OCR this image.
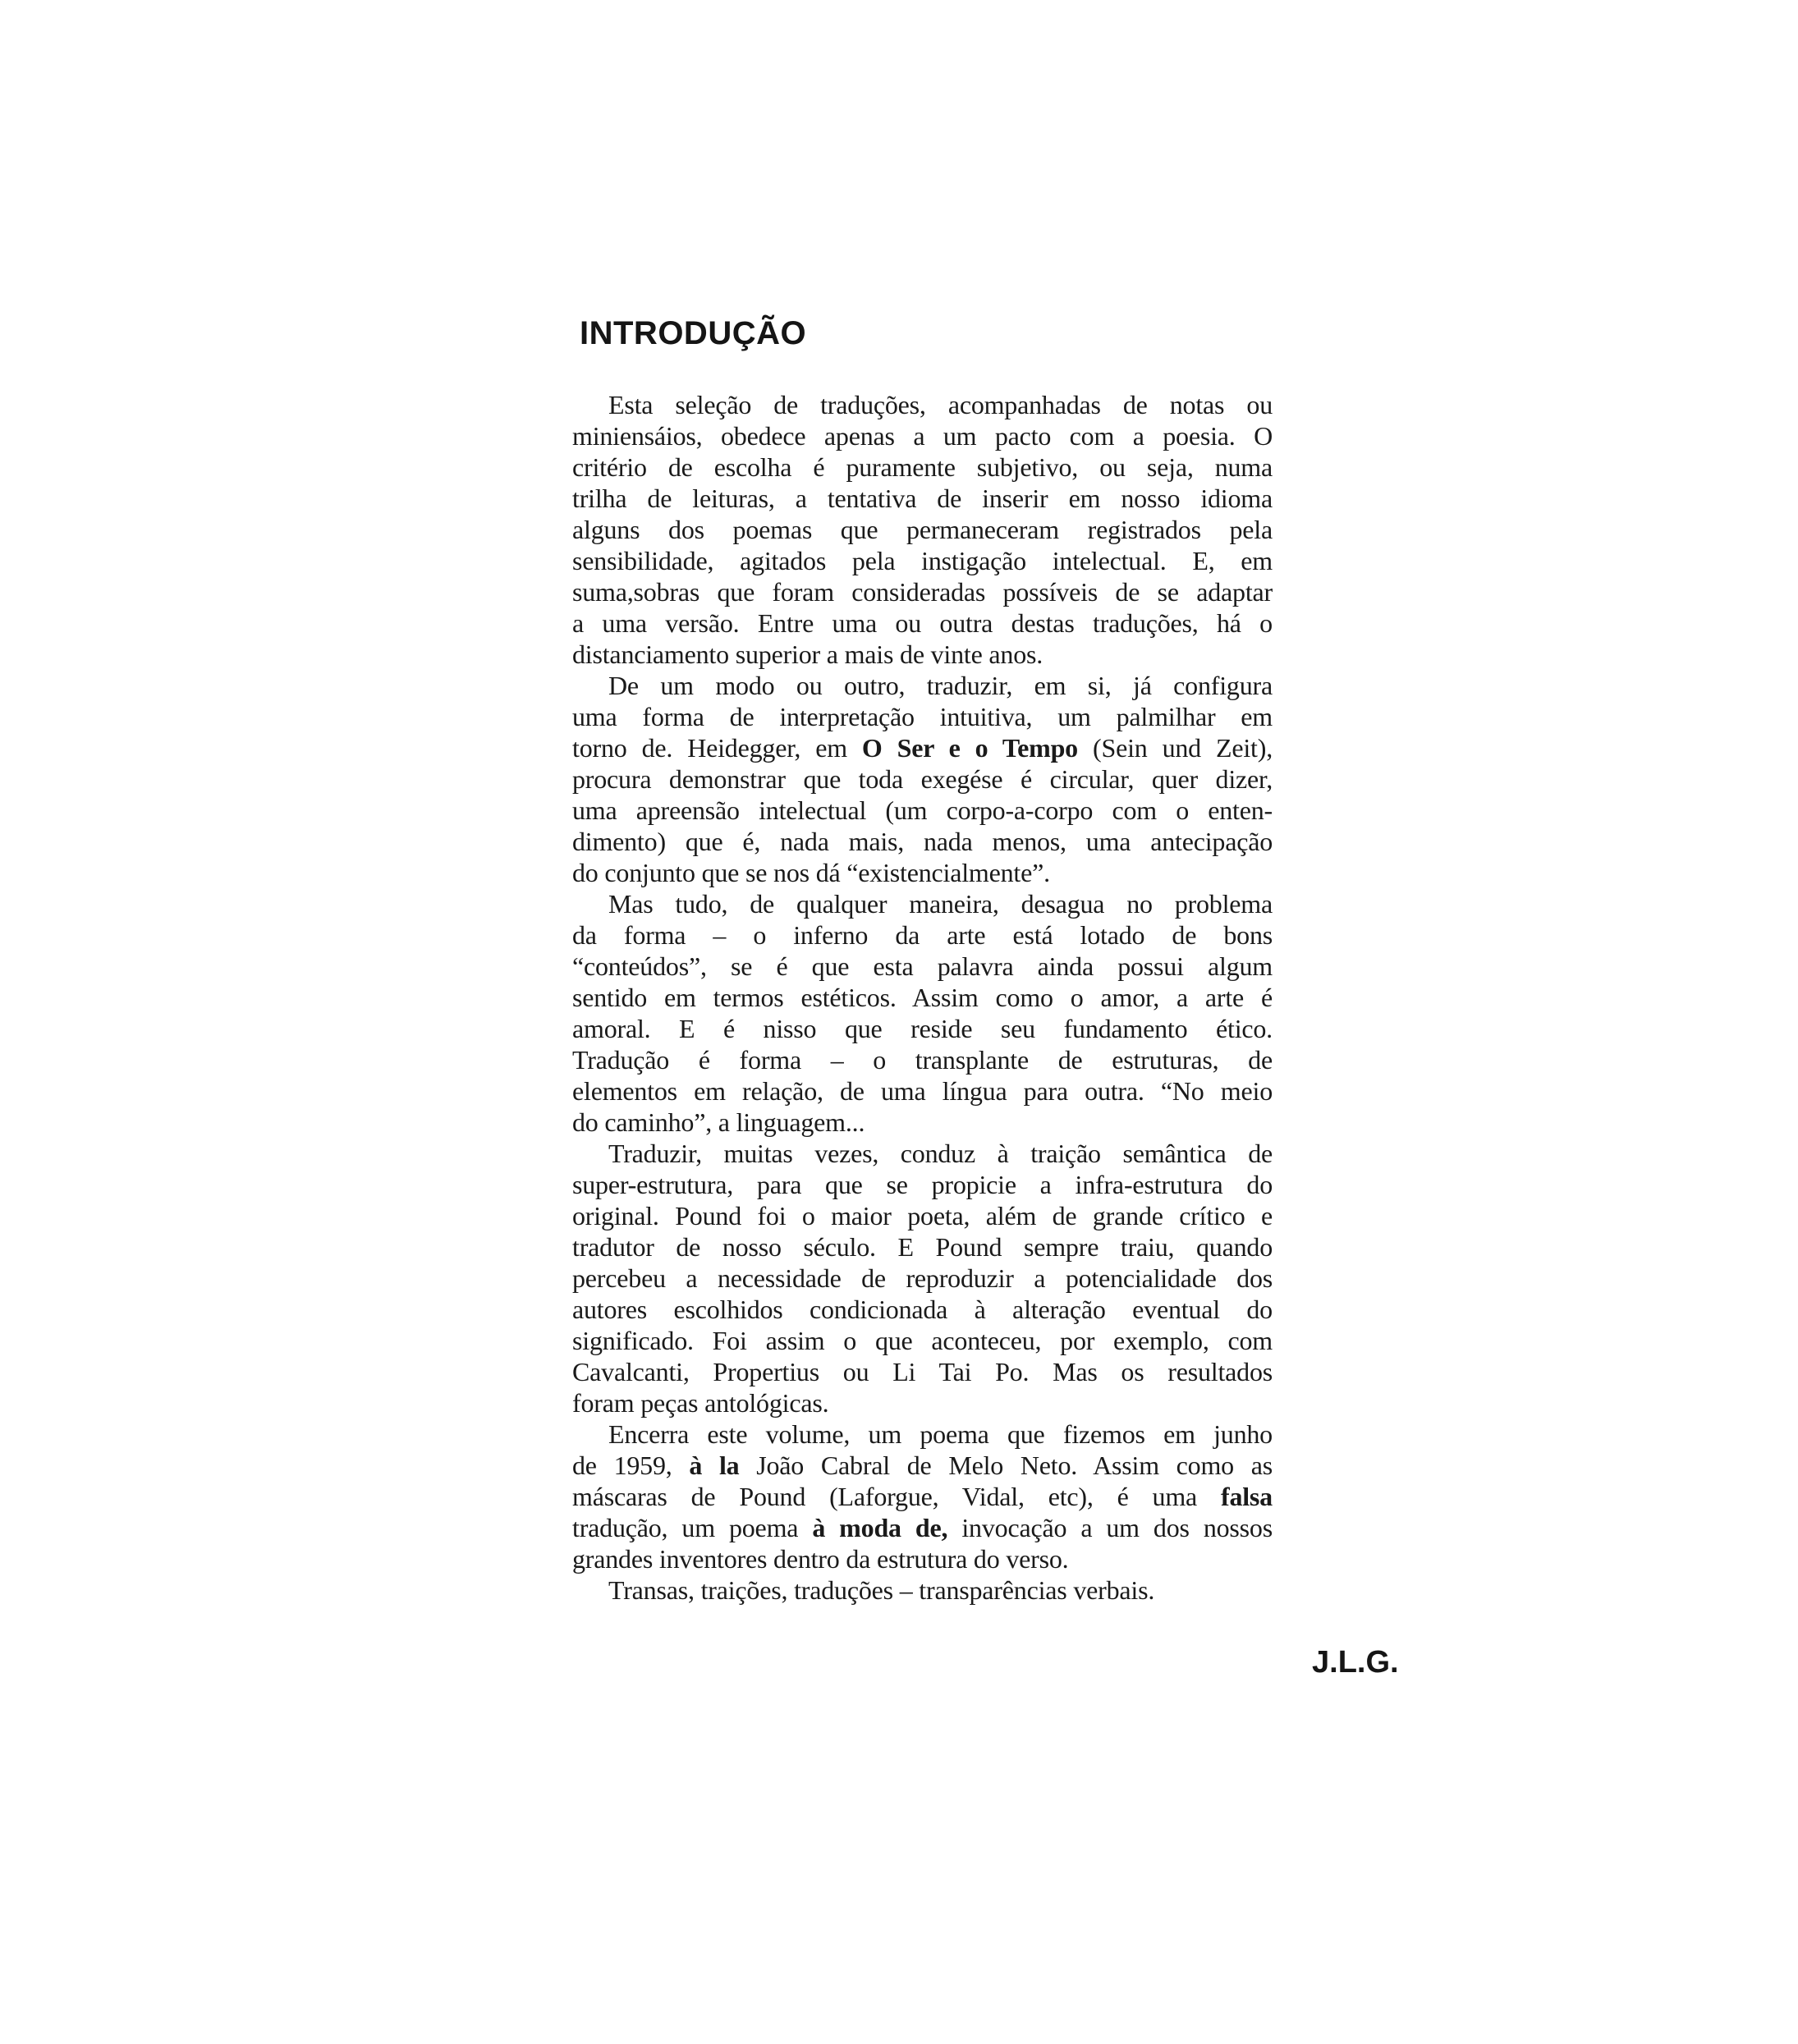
INTRODUÇÃO
Esta seleção de traduções, acompanhadas de notas ou
miniensáios, obedece apenas a um pacto com a poesia. O
critério de escolha é puramente subjetivo, ou seja, numa
trilha de leituras, a tentativa de inserir em nosso idioma
alguns dos poemas que permaneceram registrados pela
sensibilidade, agitados pela instigação intelectual. E, em
suma,sobras que foram consideradas possíveis de se adaptar
a uma versão. Entre uma ou outra destas traduções, há o
distanciamento superior a mais de vinte anos.
De um modo ou outro, traduzir, em si, já configura
uma forma de interpretação intuitiva, um palmilhar em
torno de. Heidegger, em O Ser e o Tempo (Sein und Zeit),
procura demonstrar que toda exegése é circular, quer dizer,
uma apreensão intelectual (um corpo-a-corpo com o enten-
dimento) que é, nada mais, nada menos, uma antecipação
do conjunto que se nos dá “existencialmente”.
Mas tudo, de qualquer maneira, desagua no problema
da forma – o inferno da arte está lotado de bons
“conteúdos”, se é que esta palavra ainda possui algum
sentido em termos estéticos. Assim como o amor, a arte é
amoral. E é nisso que reside seu fundamento ético.
Tradução é forma – o transplante de estruturas, de
elementos em relação, de uma língua para outra. “No meio
do caminho”, a linguagem...
Traduzir, muitas vezes, conduz à traição semântica de
super-estrutura, para que se propicie a infra-estrutura do
original. Pound foi o maior poeta, além de grande crítico e
tradutor de nosso século. E Pound sempre traiu, quando
percebeu a necessidade de reproduzir a potencialidade dos
autores escolhidos condicionada à alteração eventual do
significado. Foi assim o que aconteceu, por exemplo, com
Cavalcanti, Propertius ou Li Tai Po. Mas os resultados
foram peças antológicas.
Encerra este volume, um poema que fizemos em junho
de 1959, à la João Cabral de Melo Neto. Assim como as
máscaras de Pound (Laforgue, Vidal, etc), é uma falsa
tradução, um poema à moda de, invocação a um dos nossos
grandes inventores dentro da estrutura do verso.
Transas, traições, traduções – transparências verbais.
J.L.G.
